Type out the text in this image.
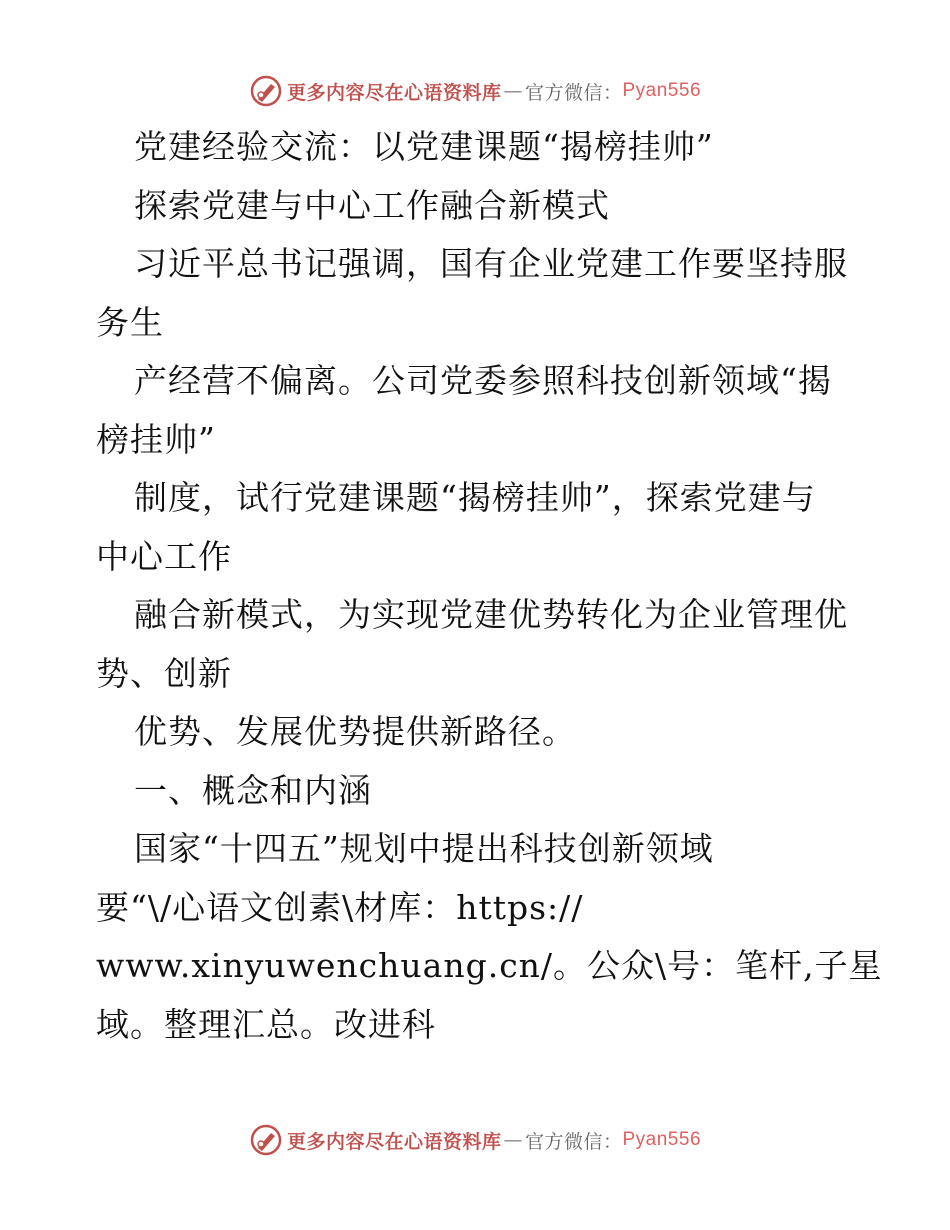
更多内容尽在心语资料库 — 官方微信： Pyan556
党建经验交流：以党建课题“揭榜挂帅”
探索党建与中心工作融合新模式
习近平总书记强调，国有企业党建工作要坚持服
务生
产经营不偏离。公司党委参照科技创新领域“揭
榜挂帅”
制度，试行党建课题“揭榜挂帅”，探索党建与
中心工作
融合新模式，为实现党建优势转化为企业管理优
势、创新
优势、发展优势提供新路径。
一、概念和内涵
国家“十四五”规划中提出科技创新领域
要“\/心语文创素\材库：https://
www.xinyuwenchuang.cn/。公众\号：笔杆,子星
域。整理汇总。改进科
更多内容尽在心语资料库 — 官方微信： Pyan556
